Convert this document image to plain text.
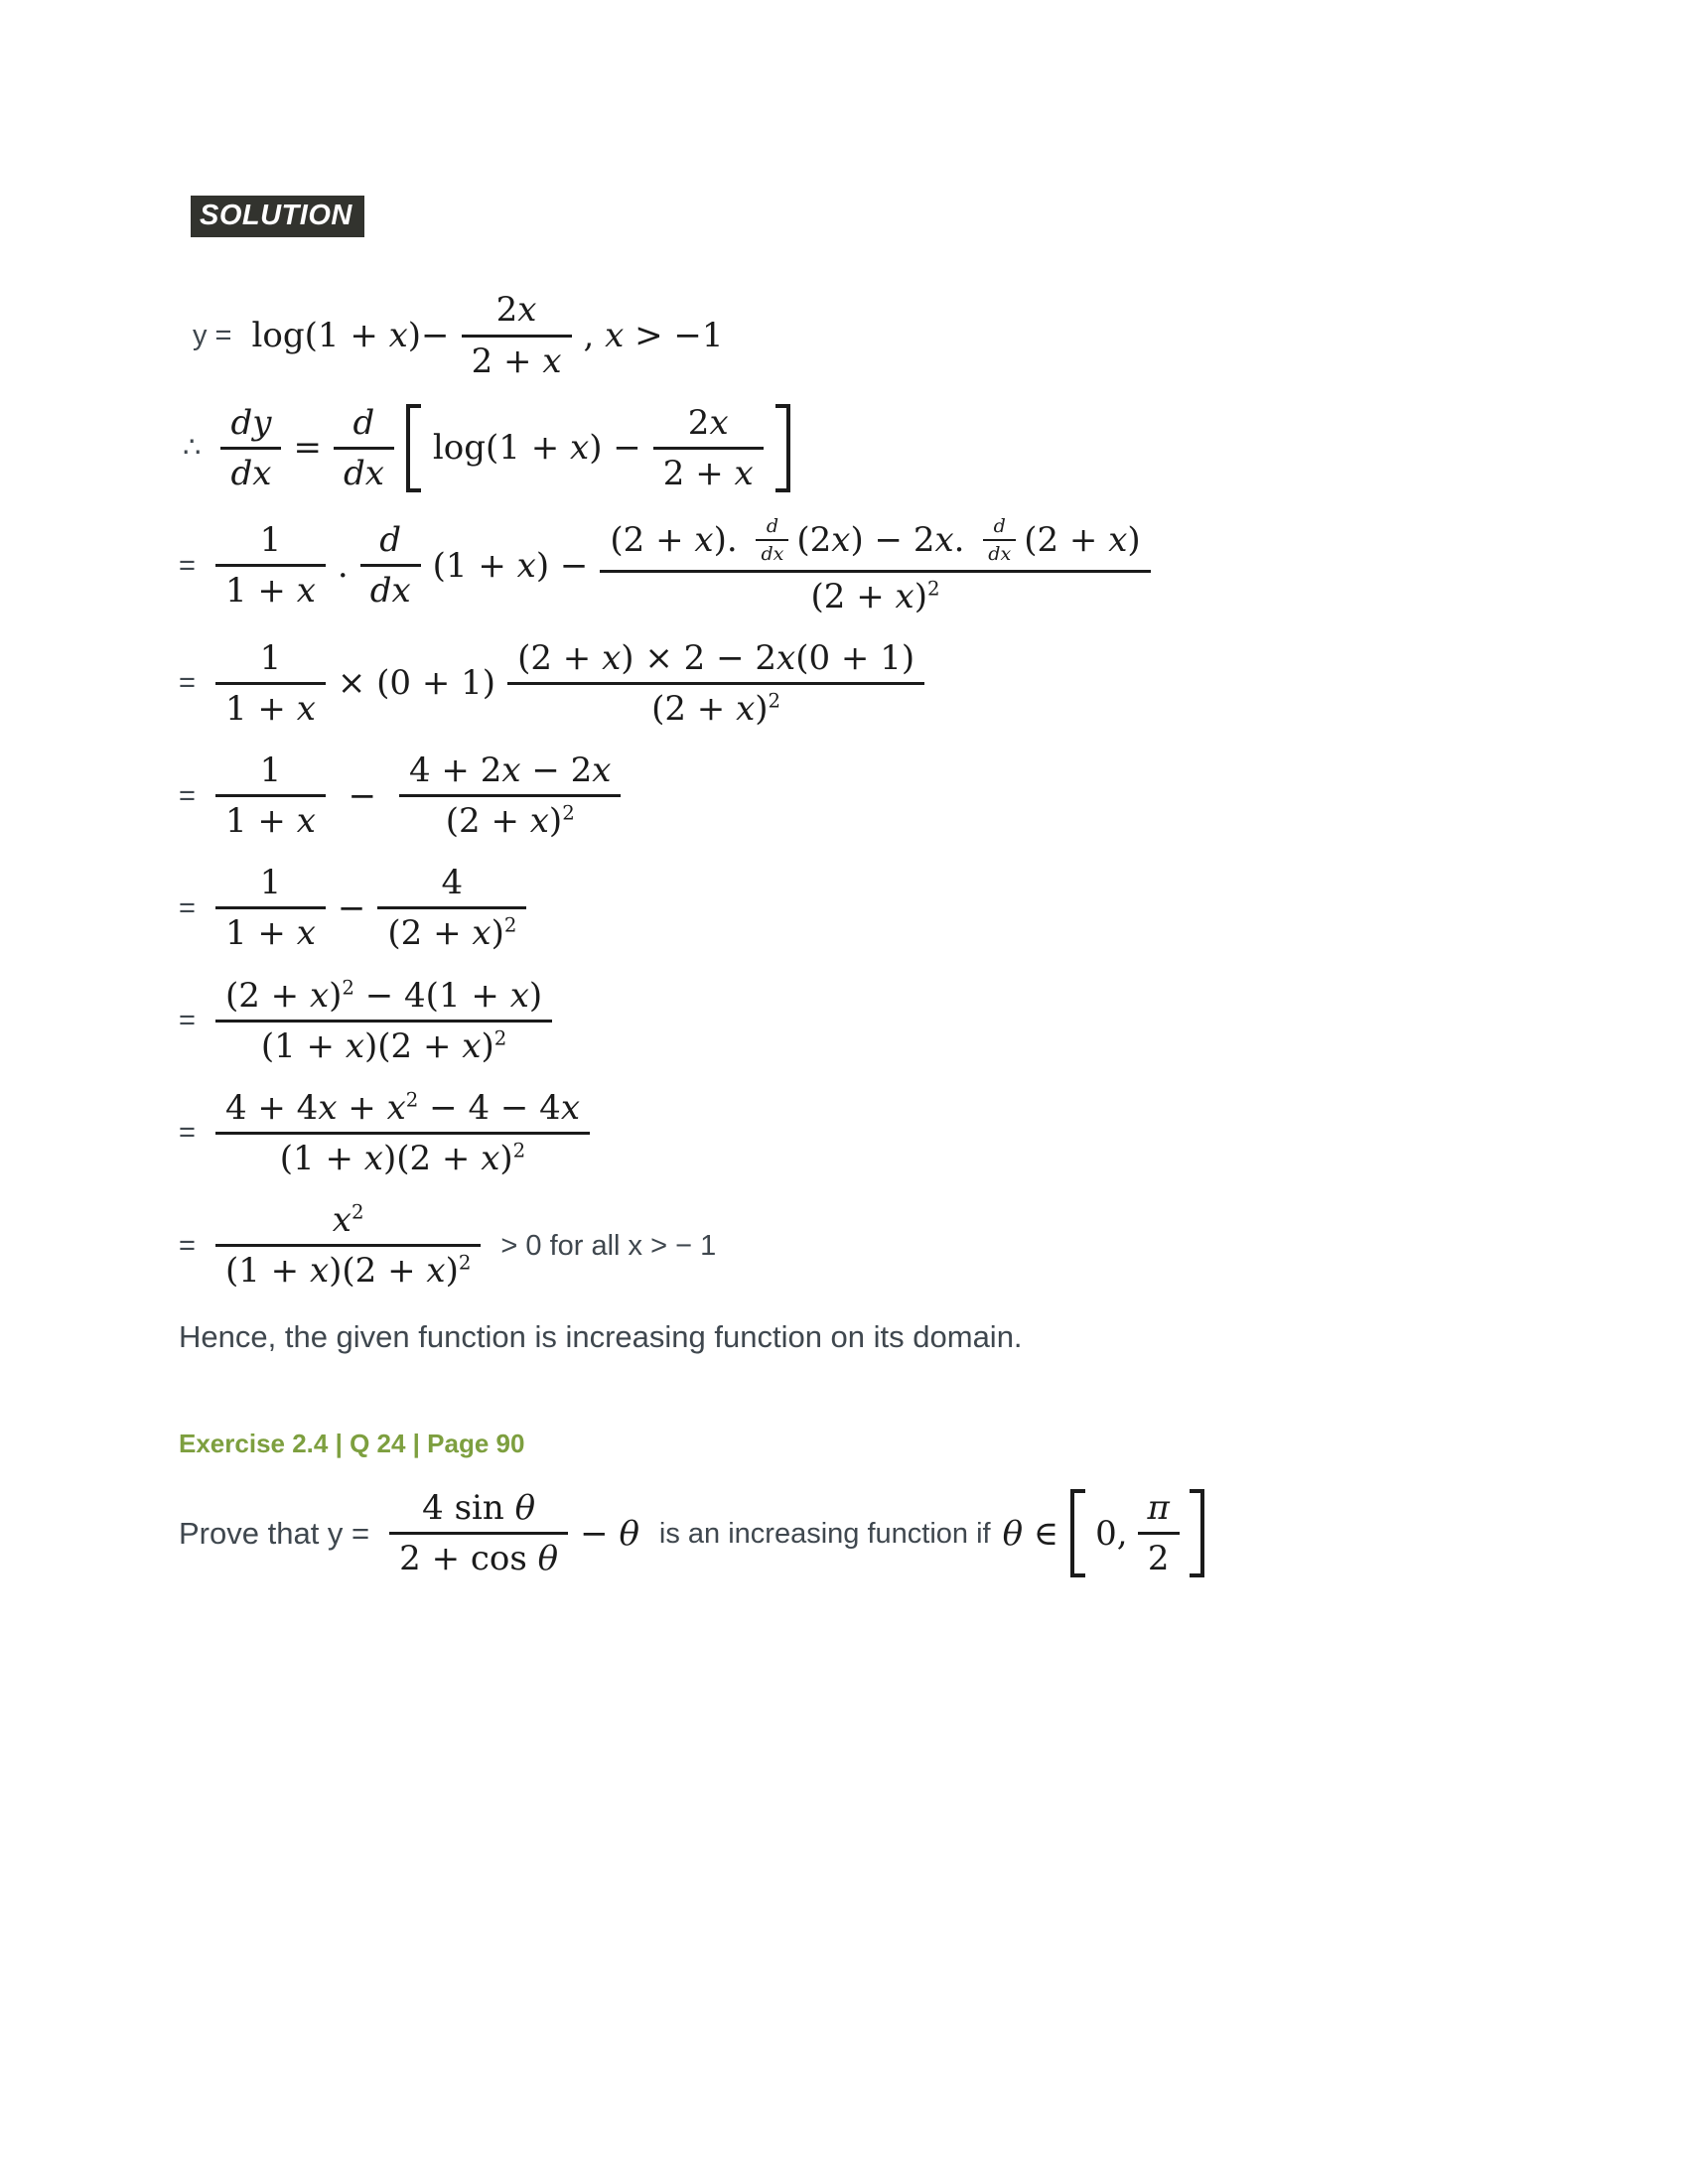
SOLUTION
$y = \log(1 + x)- \frac{2x}{2 + x}$ , x > −1
∴ $\frac{dy}{dx} = \frac{d}{dx} \log(1 + x) - \frac{2x}{2 + x}$
= $\frac{1}{1 + x}$ . $\frac{d}{dx} (1 + x) - \frac{(2 + x). \frac{d}{dx} (2x) - 2x. \frac{d}{dx} (2 + x)}{(2 + x)^2}$
= $\frac{1}{1 + x} \times (0 + 1) \frac{(2 + x) \times 2 - 2x(0 + 1)}{(2 + x)^2}$
= $\frac{1}{1 + x} - \frac{4 + 2x - 2x}{(2 + x)^2}$
= $\frac{1}{1 + x} - \frac{4}{(2 + x)^2}$
= $\frac{(2 + x)^2 - 4(1 + x)}{(1 + x)(2 + x)^2}$
= $\frac{4 + 4x + x^2 - 4 - 4x}{(1 + x)(2 + x)^2}$
= $\frac{x^2}{(1 + x)(2 + x)^2} > 0$ for all x > − 1

Hence, the given function is increasing function on its domain.

Exercise 2.4 | Q 24 | Page 90
Prove that $y = \frac{\text{4 sin θ}}{\text{2 + cos θ}} - \theta$ is an increasing function if θ ∈ 0, $\frac{\pi}{2}$
